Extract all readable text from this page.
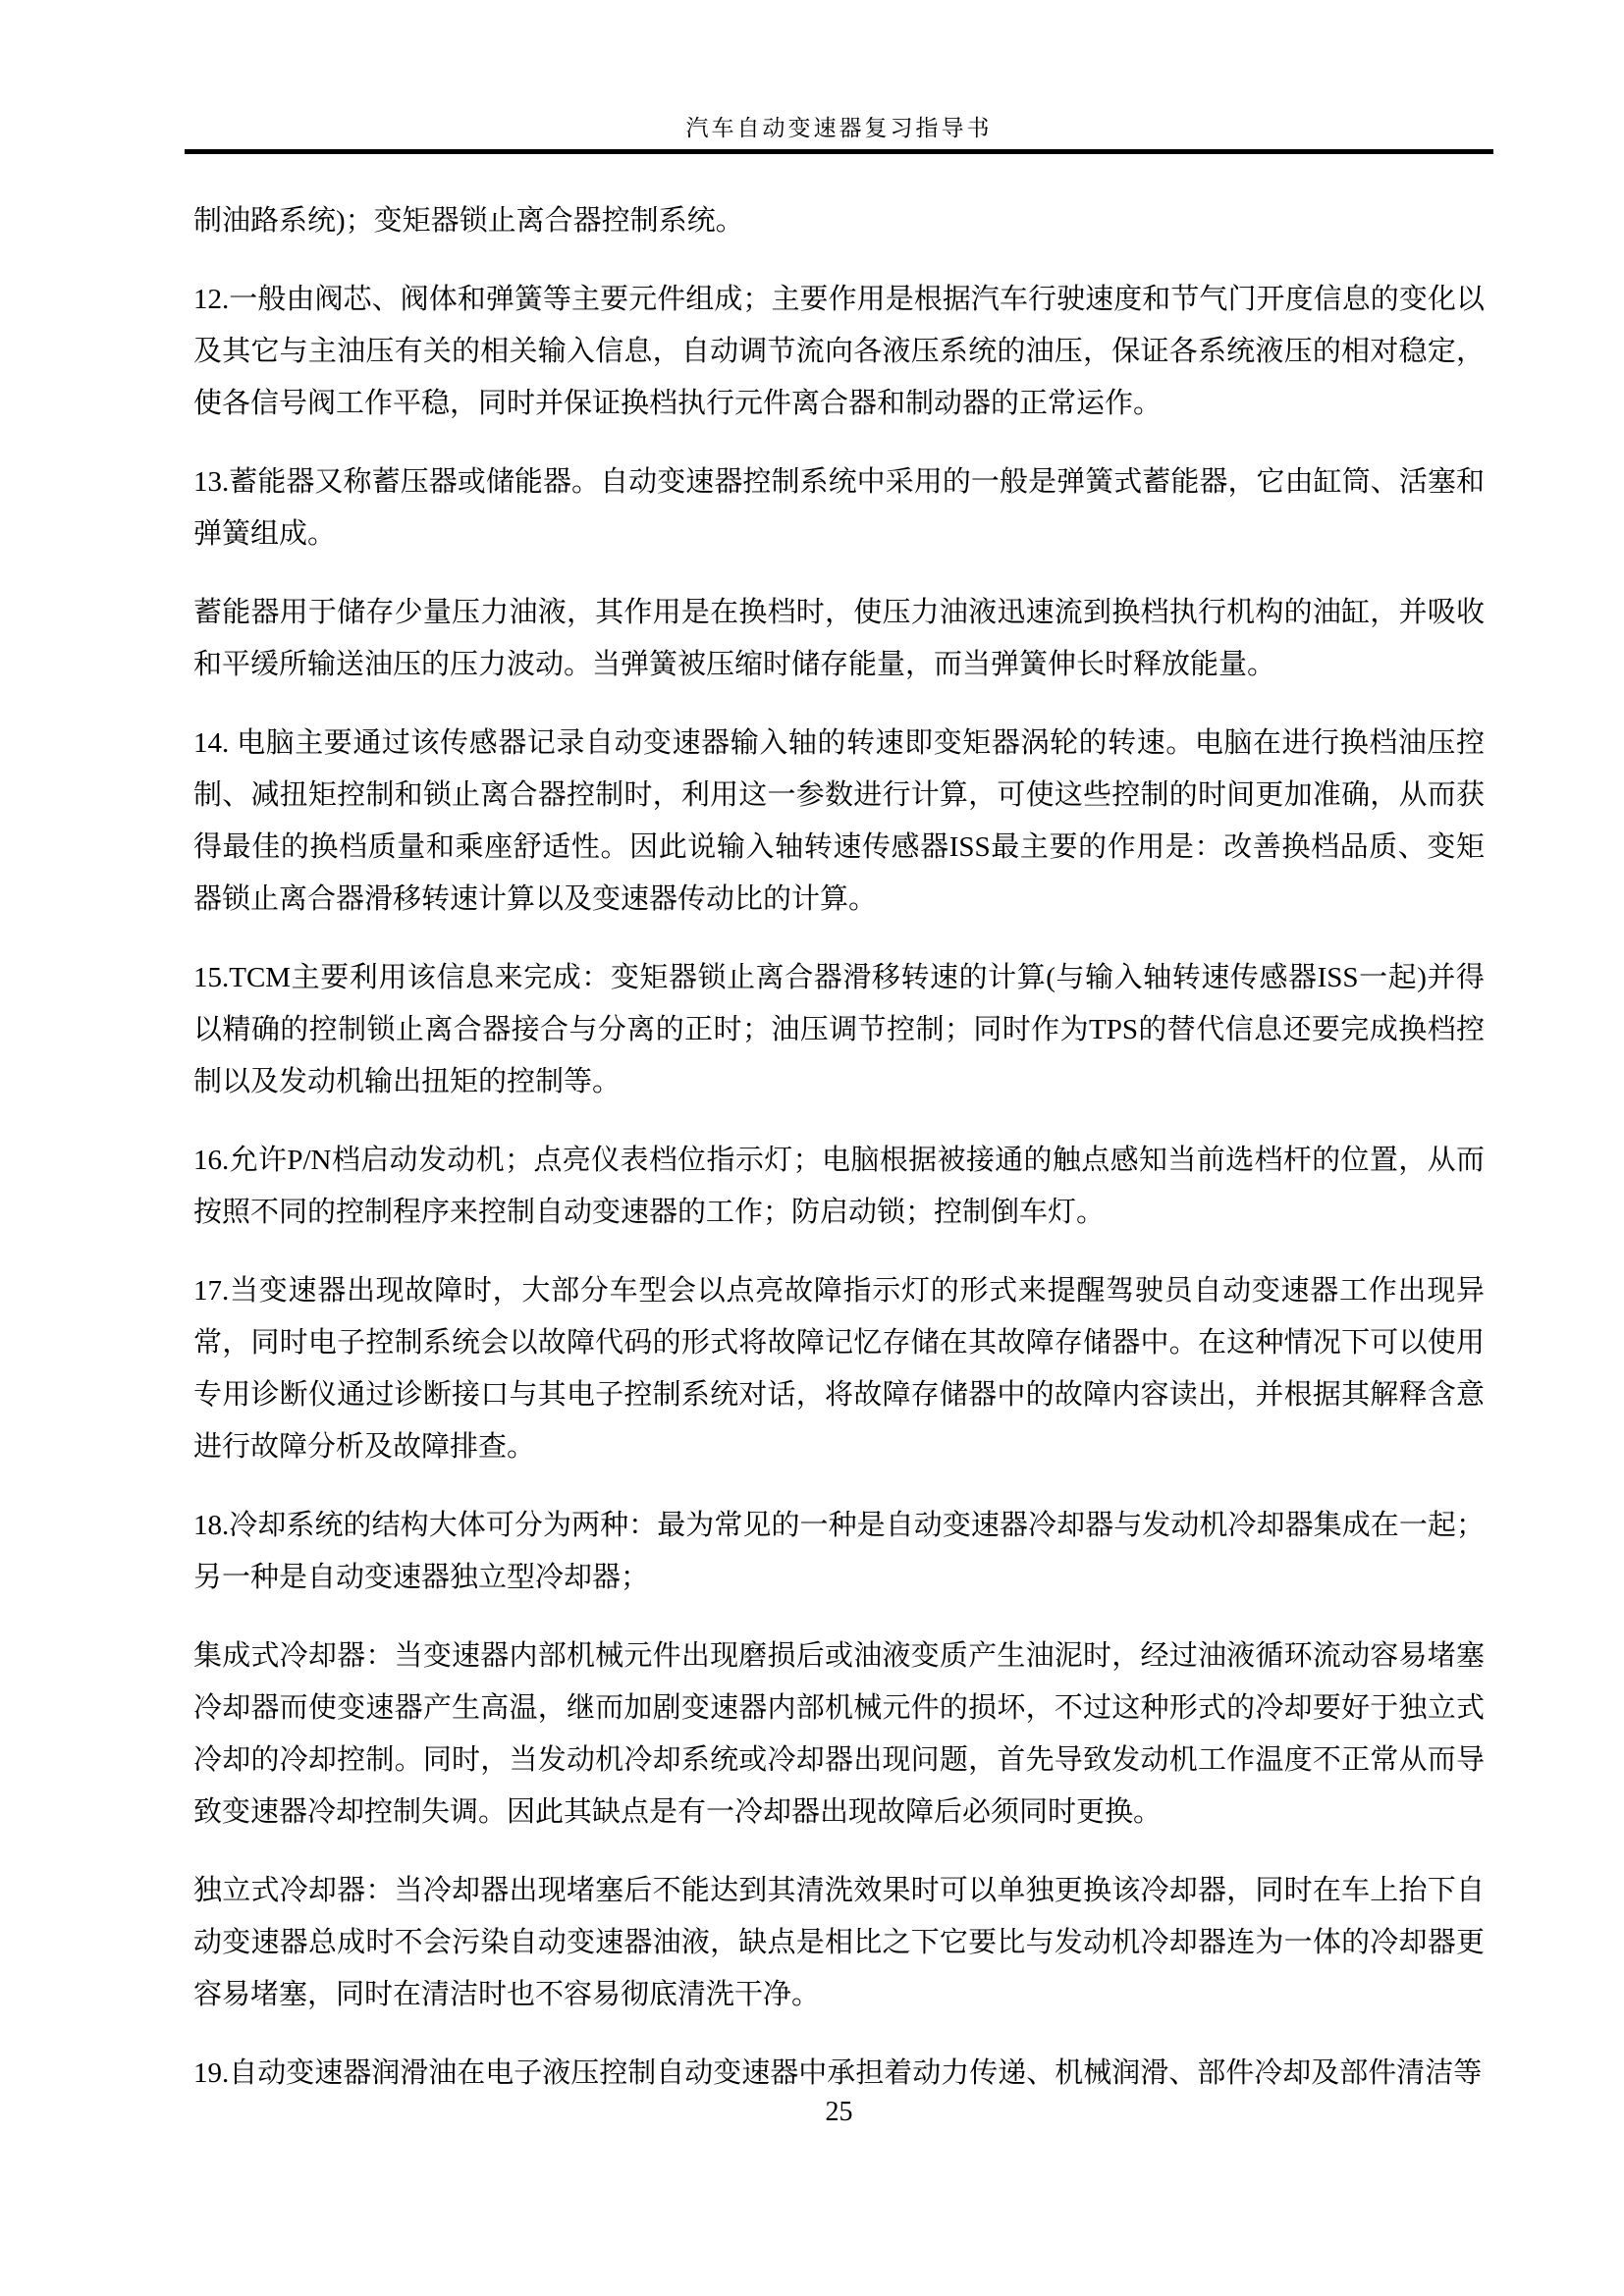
汽车自动变速器复习指导书

制油路系统)；变矩器锁止离合器控制系统。

12.一般由阀芯、阀体和弹簧等主要元件组成；主要作用是根据汽车行驶速度和节气门开度信息的变化以及其它与主油压有关的相关输入信息，自动调节流向各液压系统的油压，保证各系统液压的相对稳定，使各信号阀工作平稳，同时并保证换档执行元件离合器和制动器的正常运作。

13.蓄能器又称蓄压器或储能器。自动变速器控制系统中采用的一般是弹簧式蓄能器，它由缸筒、活塞和弹簧组成。

蓄能器用于储存少量压力油液，其作用是在换档时，使压力油液迅速流到换档执行机构的油缸，并吸收和平缓所输送油压的压力波动。当弹簧被压缩时储存能量，而当弹簧伸长时释放能量。

14. 电脑主要通过该传感器记录自动变速器输入轴的转速即变矩器涡轮的转速。电脑在进行换档油压控制、减扭矩控制和锁止离合器控制时，利用这一参数进行计算，可使这些控制的时间更加准确，从而获得最佳的换档质量和乘座舒适性。因此说输入轴转速传感器ISS最主要的作用是：改善换档品质、变矩器锁止离合器滑移转速计算以及变速器传动比的计算。

15.TCM主要利用该信息来完成：变矩器锁止离合器滑移转速的计算(与输入轴转速传感器ISS一起)并得以精确的控制锁止离合器接合与分离的正时；油压调节控制；同时作为TPS的替代信息还要完成换档控制以及发动机输出扭矩的控制等。

16.允许P/N档启动发动机；点亮仪表档位指示灯；电脑根据被接通的触点感知当前选档杆的位置，从而按照不同的控制程序来控制自动变速器的工作；防启动锁；控制倒车灯。

17.当变速器出现故障时，大部分车型会以点亮故障指示灯的形式来提醒驾驶员自动变速器工作出现异常，同时电子控制系统会以故障代码的形式将故障记忆存储在其故障存储器中。在这种情况下可以使用专用诊断仪通过诊断接口与其电子控制系统对话，将故障存储器中的故障内容读出，并根据其解释含意进行故障分析及故障排查。

18.冷却系统的结构大体可分为两种：最为常见的一种是自动变速器冷却器与发动机冷却器集成在一起；另一种是自动变速器独立型冷却器；

集成式冷却器：当变速器内部机械元件出现磨损后或油液变质产生油泥时，经过油液循环流动容易堵塞冷却器而使变速器产生高温，继而加剧变速器内部机械元件的损坏，不过这种形式的冷却要好于独立式冷却的冷却控制。同时，当发动机冷却系统或冷却器出现问题，首先导致发动机工作温度不正常从而导致变速器冷却控制失调。因此其缺点是有一冷却器出现故障后必须同时更换。

独立式冷却器：当冷却器出现堵塞后不能达到其清洗效果时可以单独更换该冷却器，同时在车上抬下自动变速器总成时不会污染自动变速器油液，缺点是相比之下它要比与发动机冷却器连为一体的冷却器更容易堵塞，同时在清洁时也不容易彻底清洗干净。

19.自动变速器润滑油在电子液压控制自动变速器中承担着动力传递、机械润滑、部件冷却及部件清洁等

25
